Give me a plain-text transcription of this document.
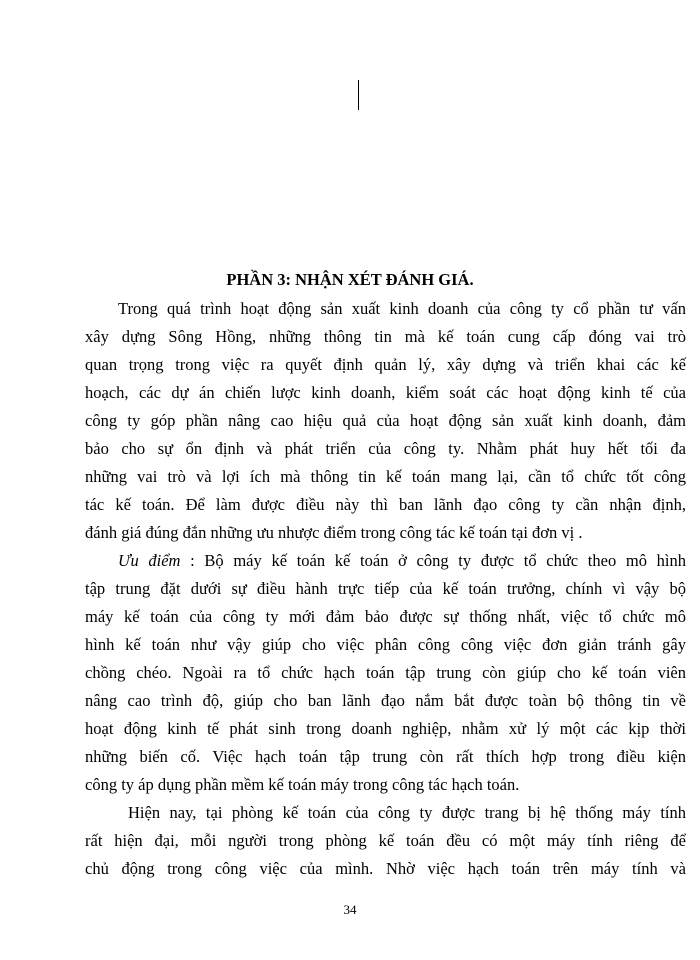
PHẦN 3: NHẬN XÉT ĐÁNH GIÁ.
Trong quá trình hoạt động sản xuất kinh doanh của công ty cổ phần tư vấn
xây dựng Sông Hồng, những thông tin mà kế toán cung cấp đóng vai trò
quan trọng trong việc ra quyết định quản lý, xây dựng và triển khai các kế
hoạch, các dự án chiến lược kinh doanh, kiểm soát các hoạt động kinh tế của
công ty góp phần nâng cao hiệu quả của hoạt động sản xuất kinh doanh, đảm
bảo cho sự ổn định và phát triển của công ty. Nhằm phát huy hết tối đa
những vai trò và lợi ích mà thông tin kế toán mang lại, cần tổ chức tốt công
tác kế toán. Để làm được điều này thì ban lãnh đạo công ty cần nhận định,
đánh giá đúng đắn những ưu nhược điểm trong công tác kế toán tại đơn vị .
Ưu điểm : Bộ máy kế toán kế toán ở công ty được tổ chức theo mô hình
tập trung đặt dưới sự điều hành trực tiếp của kế toán trưởng, chính vì vậy bộ
máy kế toán của công ty mới đảm bảo được sự thống nhất, việc tổ chức mô
hình kế toán như vậy giúp cho việc phân công công việc đơn giản tránh gây
chồng chéo. Ngoài ra tổ chức hạch toán tập trung còn giúp cho kế toán viên
nâng cao trình độ, giúp cho ban lãnh đạo nắm bắt được toàn bộ thông tin về
hoạt động kinh tế phát sinh trong doanh nghiệp, nhằm xử lý một các kịp thời
những biến cố. Việc hạch toán tập trung còn rất thích hợp trong điều kiện
công ty áp dụng phần mềm kế toán máy trong công tác hạch toán.
Hiện nay, tại phòng kế toán của công ty được trang bị hệ thống máy tính
rất hiện đại, mỗi người trong phòng kế toán đều có một máy tính riêng để
chủ động trong công việc của mình. Nhờ việc hạch toán trên máy tính và
34
